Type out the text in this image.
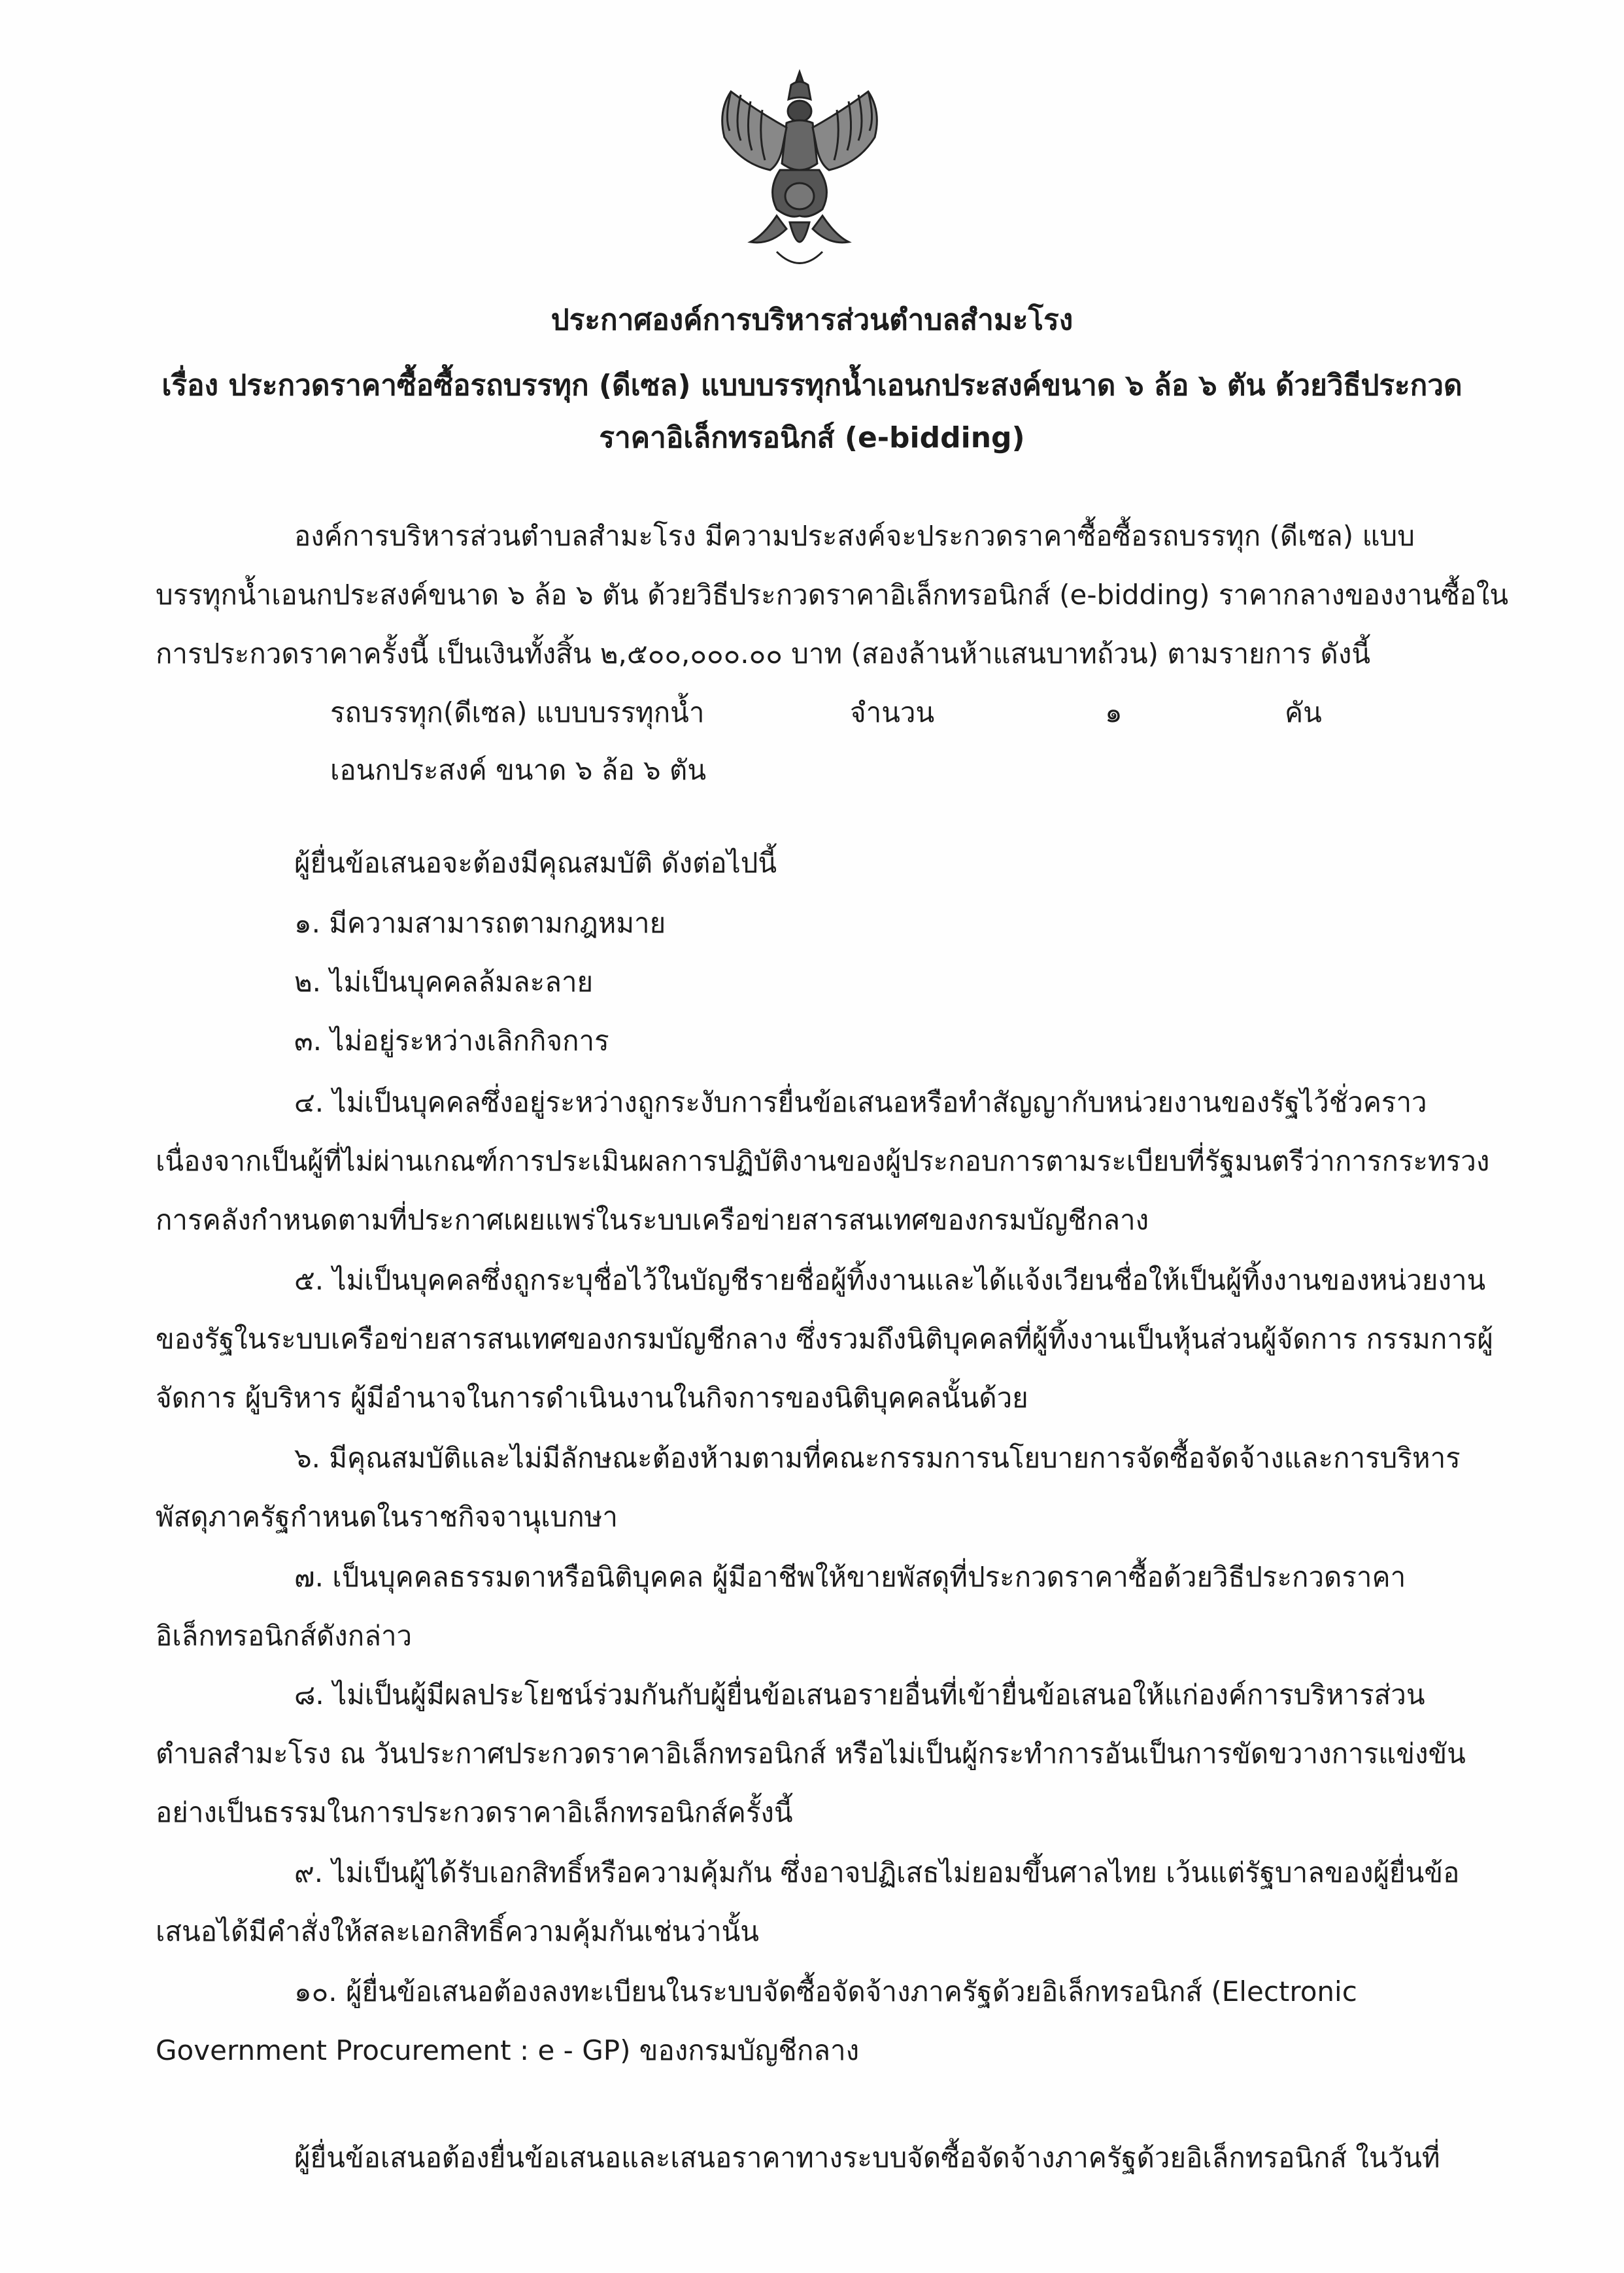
ประกาศองค์การบริหารส่วนตำบลสำมะโรง
เรื่อง ประกวดราคาซื้อซื้อรถบรรทุก (ดีเซล) แบบบรรทุกน้ำเอนกประสงค์ขนาด ๖ ล้อ ๖ ตัน ด้วยวิธีประกวด
ราคาอิเล็กทรอนิกส์ (e-bidding)
องค์การบริหารส่วนตำบลสำมะโรง มีความประสงค์จะประกวดราคาซื้อซื้อรถบรรทุก (ดีเซล) แบบ
บรรทุกน้ำเอนกประสงค์ขนาด ๖ ล้อ ๖ ตัน ด้วยวิธีประกวดราคาอิเล็กทรอนิกส์ (e-bidding) ราคากลางของงานซื้อใน
การประกวดราคาครั้งนี้ เป็นเงินทั้งสิ้น ๒,๕๐๐,๐๐๐.๐๐ บาท (สองล้านห้าแสนบาทถ้วน) ตามรายการ ดังนี้
รถบรรทุก(ดีเซล) แบบบรรทุกน้ำ	จำนวน	๑	คัน
เอนกประสงค์ ขนาด ๖ ล้อ ๖ ตัน
ผู้ยื่นข้อเสนอจะต้องมีคุณสมบัติ ดังต่อไปนี้
๑. มีความสามารถตามกฎหมาย
๒. ไม่เป็นบุคคลล้มละลาย
๓. ไม่อยู่ระหว่างเลิกกิจการ
๔. ไม่เป็นบุคคลซึ่งอยู่ระหว่างถูกระงับการยื่นข้อเสนอหรือทำสัญญากับหน่วยงานของรัฐไว้ชั่วคราว
เนื่องจากเป็นผู้ที่ไม่ผ่านเกณฑ์การประเมินผลการปฏิบัติงานของผู้ประกอบการตามระเบียบที่รัฐมนตรีว่าการกระทรวง
การคลังกำหนดตามที่ประกาศเผยแพร่ในระบบเครือข่ายสารสนเทศของกรมบัญชีกลาง
๕. ไม่เป็นบุคคลซึ่งถูกระบุชื่อไว้ในบัญชีรายชื่อผู้ทิ้งงานและได้แจ้งเวียนชื่อให้เป็นผู้ทิ้งงานของหน่วยงาน
ของรัฐในระบบเครือข่ายสารสนเทศของกรมบัญชีกลาง ซึ่งรวมถึงนิติบุคคลที่ผู้ทิ้งงานเป็นหุ้นส่วนผู้จัดการ กรรมการผู้
จัดการ ผู้บริหาร ผู้มีอำนาจในการดำเนินงานในกิจการของนิติบุคคลนั้นด้วย
๖. มีคุณสมบัติและไม่มีลักษณะต้องห้ามตามที่คณะกรรมการนโยบายการจัดซื้อจัดจ้างและการบริหาร
พัสดุภาครัฐกำหนดในราชกิจจานุเบกษา
๗. เป็นบุคคลธรรมดาหรือนิติบุคคล ผู้มีอาชีพให้ขายพัสดุที่ประกวดราคาซื้อด้วยวิธีประกวดราคา
อิเล็กทรอนิกส์ดังกล่าว
๘. ไม่เป็นผู้มีผลประโยชน์ร่วมกันกับผู้ยื่นข้อเสนอรายอื่นที่เข้ายื่นข้อเสนอให้แก่องค์การบริหารส่วน
ตำบลสำมะโรง ณ วันประกาศประกวดราคาอิเล็กทรอนิกส์ หรือไม่เป็นผู้กระทำการอันเป็นการขัดขวางการแข่งขัน
อย่างเป็นธรรมในการประกวดราคาอิเล็กทรอนิกส์ครั้งนี้
๙. ไม่เป็นผู้ได้รับเอกสิทธิ์หรือความคุ้มกัน ซึ่งอาจปฏิเสธไม่ยอมขึ้นศาลไทย เว้นแต่รัฐบาลของผู้ยื่นข้อ
เสนอได้มีคำสั่งให้สละเอกสิทธิ์ความคุ้มกันเช่นว่านั้น
๑๐. ผู้ยื่นข้อเสนอต้องลงทะเบียนในระบบจัดซื้อจัดจ้างภาครัฐด้วยอิเล็กทรอนิกส์ (Electronic
Government Procurement : e - GP) ของกรมบัญชีกลาง
ผู้ยื่นข้อเสนอต้องยื่นข้อเสนอและเสนอราคาทางระบบจัดซื้อจัดจ้างภาครัฐด้วยอิเล็กทรอนิกส์ ในวันที่
